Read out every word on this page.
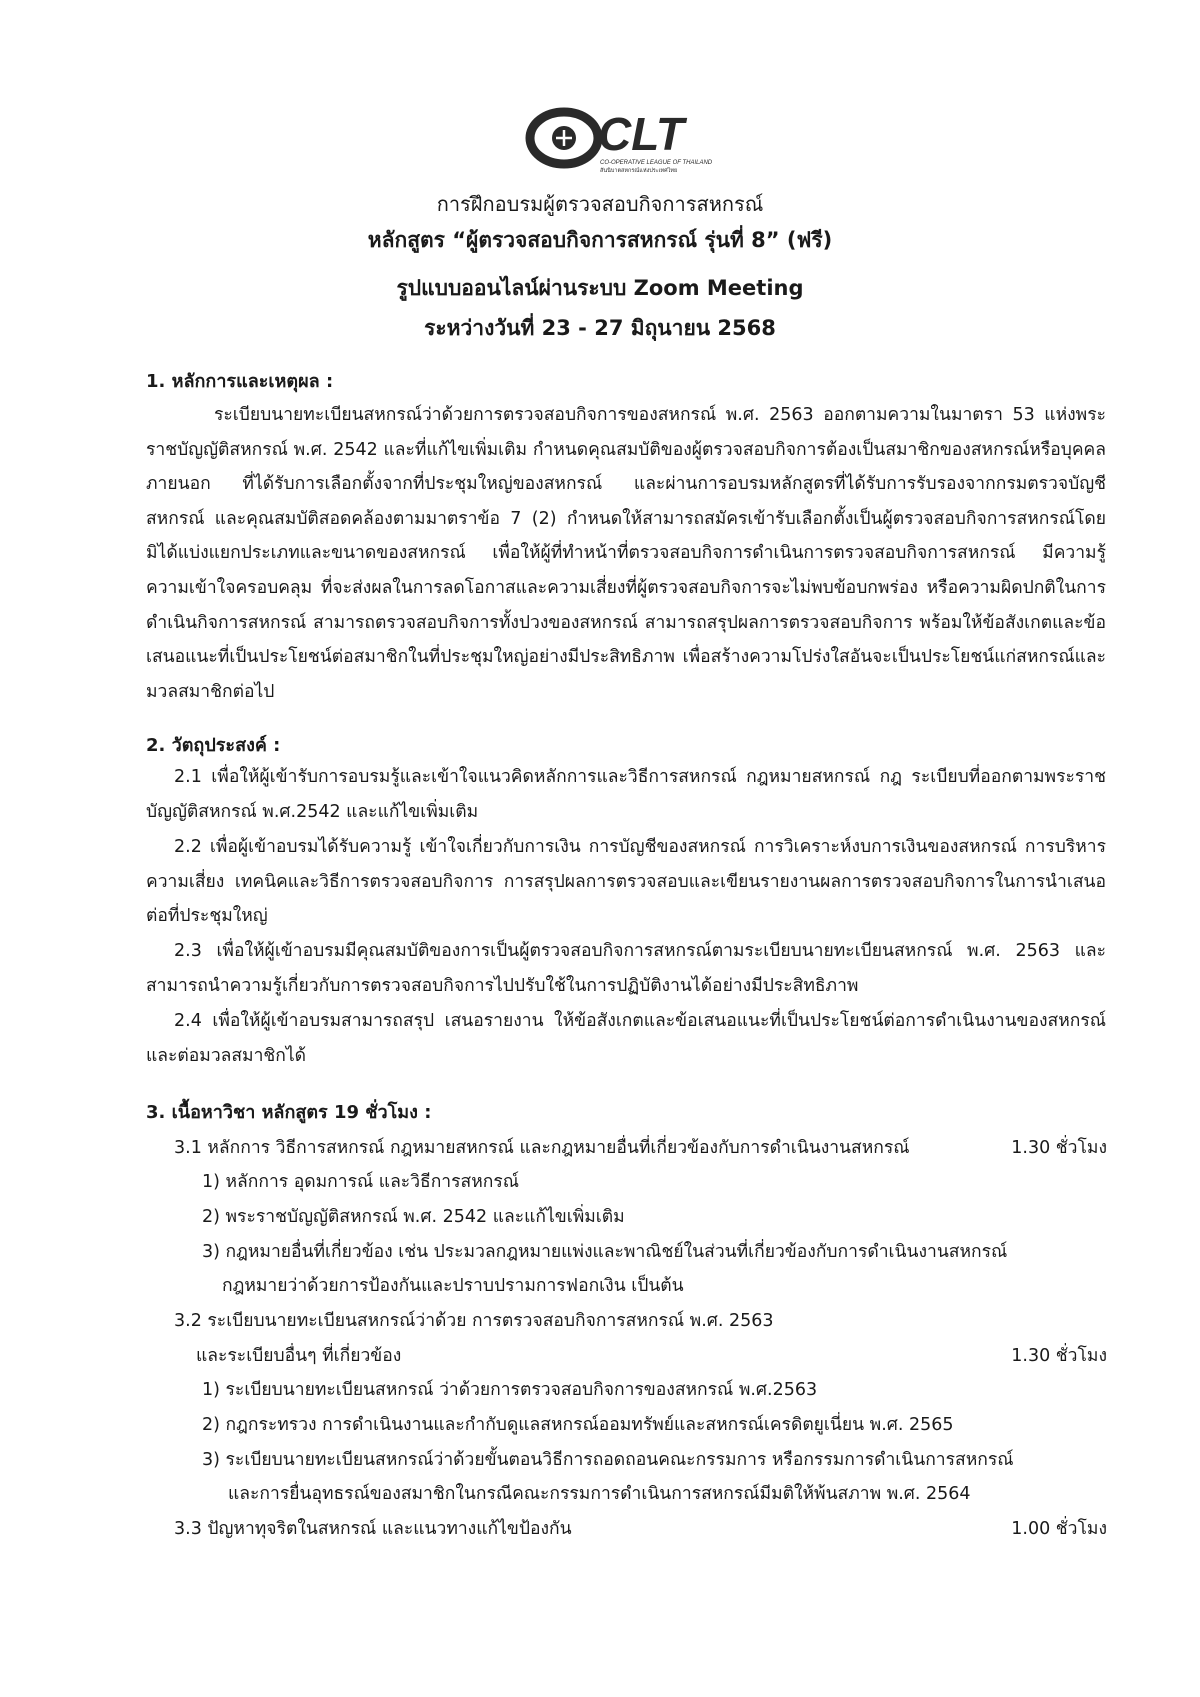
CLT
CO-OPERATIVE LEAGUE OF THAILAND
สันนิบาตสหกรณ์แห่งประเทศไทย
การฝึกอบรมผู้ตรวจสอบกิจการสหกรณ์
หลักสูตร “ผู้ตรวจสอบกิจการสหกรณ์ รุ่นที่ 8” (ฟรี)
รูปแบบออนไลน์ผ่านระบบ Zoom Meeting
ระหว่างวันที่ 23 - 27 มิถุนายน 2568
1. หลักการและเหตุผล :

ระเบียบนายทะเบียนสหกรณ์ว่าด้วยการตรวจสอบกิจการของสหกรณ์ พ.ศ. 2563 ออกตามความในมาตรา 53 แห่งพระราชบัญญัติสหกรณ์ พ.ศ. 2542 และที่แก้ไขเพิ่มเติม กำหนดคุณสมบัติของผู้ตรวจสอบกิจการต้องเป็นสมาชิกของสหกรณ์หรือบุคคลภายนอก ที่ได้รับการเลือกตั้งจากที่ประชุมใหญ่ของสหกรณ์ และผ่านการอบรมหลักสูตรที่ได้รับการรับรองจากกรมตรวจบัญชีสหกรณ์ และคุณสมบัติสอดคล้องตามมาตราข้อ 7 (2) กำหนดให้สามารถสมัครเข้ารับเลือกตั้งเป็นผู้ตรวจสอบกิจการสหกรณ์โดยมิได้แบ่งแยกประเภทและขนาดของสหกรณ์ เพื่อให้ผู้ที่ทำหน้าที่ตรวจสอบกิจการดำเนินการตรวจสอบกิจการสหกรณ์ มีความรู้ ความเข้าใจครอบคลุม ที่จะส่งผลในการลดโอกาสและความเสี่ยงที่ผู้ตรวจสอบกิจการจะไม่พบข้อบกพร่อง หรือความผิดปกติในการดำเนินกิจการสหกรณ์ สามารถตรวจสอบกิจการทั้งปวงของสหกรณ์ สามารถสรุปผลการตรวจสอบกิจการ พร้อมให้ข้อสังเกตและข้อเสนอแนะที่เป็นประโยชน์ต่อสมาชิกในที่ประชุมใหญ่อย่างมีประสิทธิภาพ เพื่อสร้างความโปร่งใสอันจะเป็นประโยชน์แก่สหกรณ์และมวลสมาชิกต่อไป

2. วัตถุประสงค์ :

2.1 เพื่อให้ผู้เข้ารับการอบรมรู้และเข้าใจแนวคิดหลักการและวิธีการสหกรณ์ กฎหมายสหกรณ์ กฎ ระเบียบที่ออกตามพระราชบัญญัติสหกรณ์ พ.ศ.2542 และแก้ไขเพิ่มเติม

2.2 เพื่อผู้เข้าอบรมได้รับความรู้ เข้าใจเกี่ยวกับการเงิน การบัญชีของสหกรณ์ การวิเคราะห์งบการเงินของสหกรณ์ การบริหารความเสี่ยง เทคนิคและวิธีการตรวจสอบกิจการ การสรุปผลการตรวจสอบและเขียนรายงานผลการตรวจสอบกิจการในการนำเสนอต่อที่ประชุมใหญ่

2.3 เพื่อให้ผู้เข้าอบรมมีคุณสมบัติของการเป็นผู้ตรวจสอบกิจการสหกรณ์ตามระเบียบนายทะเบียนสหกรณ์ พ.ศ. 2563 และสามารถนำความรู้เกี่ยวกับการตรวจสอบกิจการไปปรับใช้ในการปฏิบัติงานได้อย่างมีประสิทธิภาพ

2.4 เพื่อให้ผู้เข้าอบรมสามารถสรุป เสนอรายงาน ให้ข้อสังเกตและข้อเสนอแนะที่เป็นประโยชน์ต่อการดำเนินงานของสหกรณ์และต่อมวลสมาชิกได้

3. เนื้อหาวิชา หลักสูตร 19 ชั่วโมง :
3.1 หลักการ วิธีการสหกรณ์ กฎหมายสหกรณ์ และกฎหมายอื่นที่เกี่ยวข้องกับการดำเนินงานสหกรณ์	1.30 ชั่วโมง
1) หลักการ อุดมการณ์ และวิธีการสหกรณ์
2) พระราชบัญญัติสหกรณ์ พ.ศ. 2542 และแก้ไขเพิ่มเติม
3) กฎหมายอื่นที่เกี่ยวข้อง เช่น ประมวลกฎหมายแพ่งและพาณิชย์ในส่วนที่เกี่ยวข้องกับการดำเนินงานสหกรณ์
กฎหมายว่าด้วยการป้องกันและปราบปรามการฟอกเงิน เป็นต้น
3.2 ระเบียบนายทะเบียนสหกรณ์ว่าด้วย การตรวจสอบกิจการสหกรณ์ พ.ศ. 2563
และระเบียบอื่นๆ ที่เกี่ยวข้อง	1.30 ชั่วโมง
1) ระเบียบนายทะเบียนสหกรณ์ ว่าด้วยการตรวจสอบกิจการของสหกรณ์ พ.ศ.2563
2) กฎกระทรวง การดำเนินงานและกำกับดูแลสหกรณ์ออมทรัพย์และสหกรณ์เครดิตยูเนี่ยน พ.ศ. 2565
3) ระเบียบนายทะเบียนสหกรณ์ว่าด้วยขั้นตอนวิธีการถอดถอนคณะกรรมการ หรือกรรมการดำเนินการสหกรณ์
และการยื่นอุทธรณ์ของสมาชิกในกรณีคณะกรรมการดำเนินการสหกรณ์มีมติให้พ้นสภาพ พ.ศ. 2564
3.3 ปัญหาทุจริตในสหกรณ์ และแนวทางแก้ไขป้องกัน	1.00 ชั่วโมง
